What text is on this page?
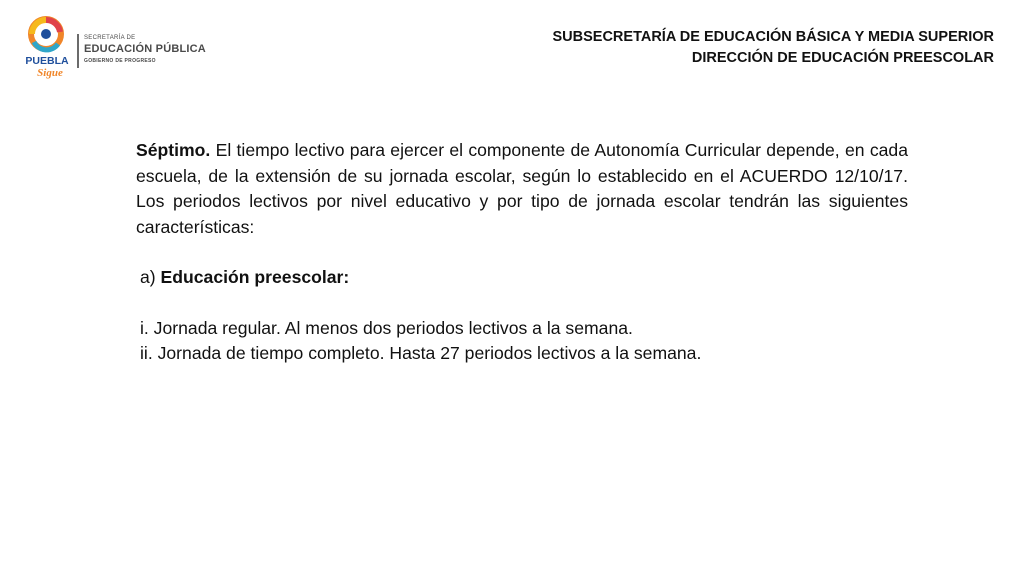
PUEBLA
Sigue
SECRETARÍA DE
EDUCACIÓN PÚBLICA
GOBIERNO DE PROGRESO
SUBSECRETARÍA DE EDUCACIÓN BÁSICA Y MEDIA SUPERIOR
DIRECCIÓN DE EDUCACIÓN PREESCOLAR

Séptimo. El tiempo lectivo para ejercer el componente de Autonomía Curricular depende, en cada escuela, de la extensión de su jornada escolar, según lo establecido en el ACUERDO 12/10/17. Los periodos lectivos por nivel educativo y por tipo de jornada escolar tendrán las siguientes características:

a) Educación preescolar:
i. Jornada regular. Al menos dos periodos lectivos a la semana.
ii. Jornada de tiempo completo. Hasta 27 periodos lectivos a la semana.
